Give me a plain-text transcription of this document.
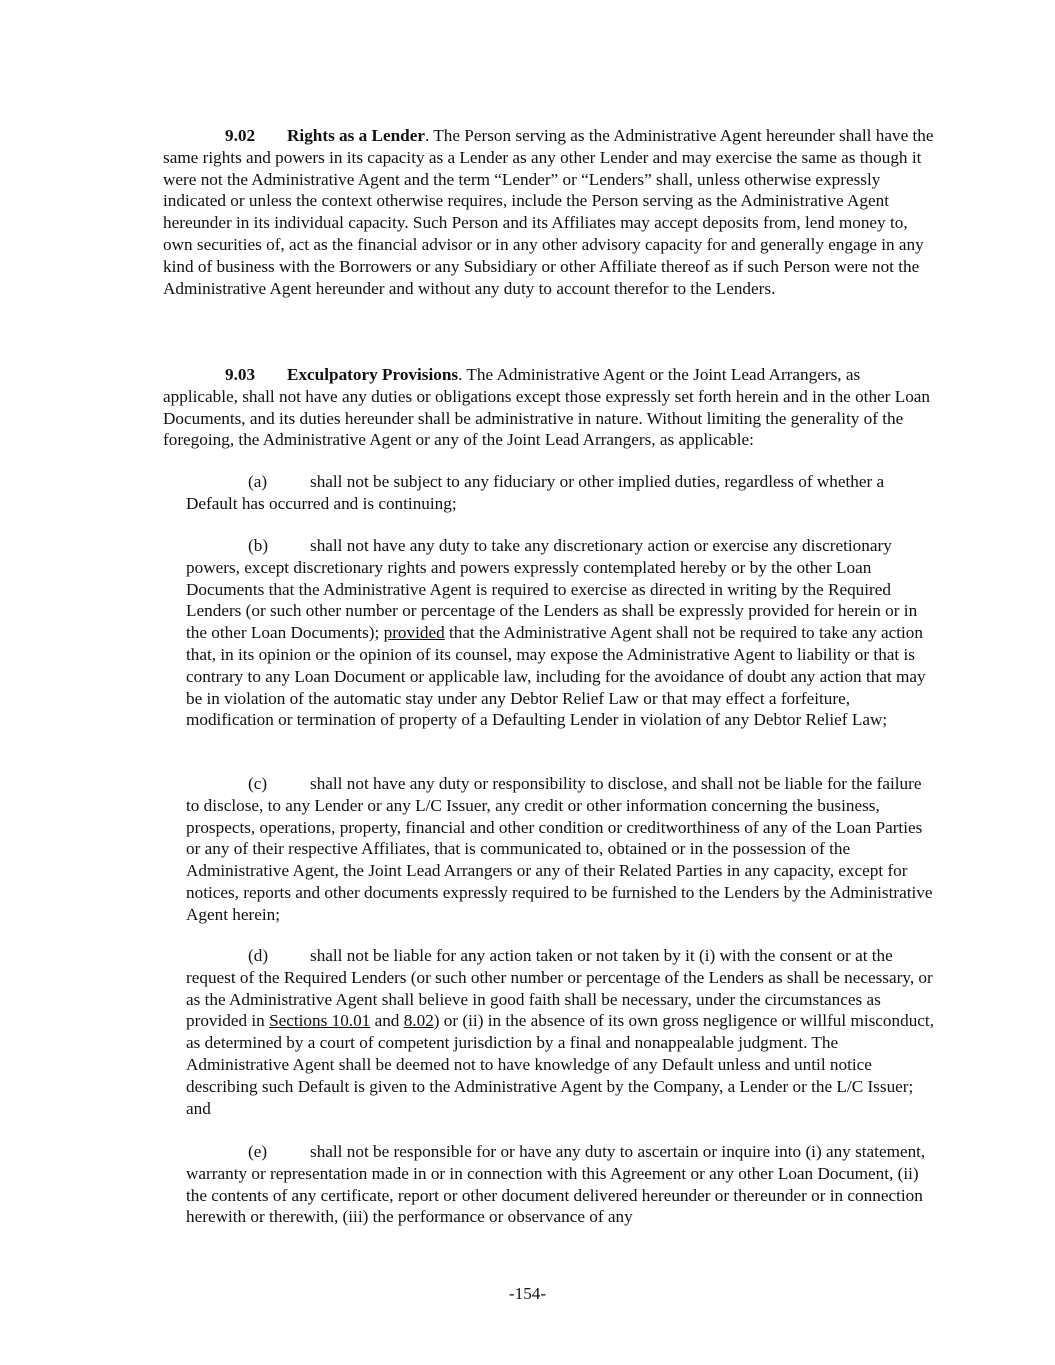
9.02 Rights as a Lender. The Person serving as the Administrative Agent hereunder shall have the same rights and powers in its capacity as a Lender as any other Lender and may exercise the same as though it were not the Administrative Agent and the term “Lender” or “Lenders” shall, unless otherwise expressly indicated or unless the context otherwise requires, include the Person serving as the Administrative Agent hereunder in its individual capacity. Such Person and its Affiliates may accept deposits from, lend money to, own securities of, act as the financial advisor or in any other advisory capacity for and generally engage in any kind of business with the Borrowers or any Subsidiary or other Affiliate thereof as if such Person were not the Administrative Agent hereunder and without any duty to account therefor to the Lenders.

9.03 Exculpatory Provisions. The Administrative Agent or the Joint Lead Arrangers, as applicable, shall not have any duties or obligations except those expressly set forth herein and in the other Loan Documents, and its duties hereunder shall be administrative in nature. Without limiting the generality of the foregoing, the Administrative Agent or any of the Joint Lead Arrangers, as applicable:

(a) shall not be subject to any fiduciary or other implied duties, regardless of whether a Default has occurred and is continuing;

(b) shall not have any duty to take any discretionary action or exercise any discretionary powers, except discretionary rights and powers expressly contemplated hereby or by the other Loan Documents that the Administrative Agent is required to exercise as directed in writing by the Required Lenders (or such other number or percentage of the Lenders as shall be expressly provided for herein or in the other Loan Documents); provided that the Administrative Agent shall not be required to take any action that, in its opinion or the opinion of its counsel, may expose the Administrative Agent to liability or that is contrary to any Loan Document or applicable law, including for the avoidance of doubt any action that may be in violation of the automatic stay under any Debtor Relief Law or that may effect a forfeiture, modification or termination of property of a Defaulting Lender in violation of any Debtor Relief Law;

(c) shall not have any duty or responsibility to disclose, and shall not be liable for the failure to disclose, to any Lender or any L/C Issuer, any credit or other information concerning the business, prospects, operations, property, financial and other condition or creditworthiness of any of the Loan Parties or any of their respective Affiliates, that is communicated to, obtained or in the possession of the Administrative Agent, the Joint Lead Arrangers or any of their Related Parties in any capacity, except for notices, reports and other documents expressly required to be furnished to the Lenders by the Administrative Agent herein;

(d) shall not be liable for any action taken or not taken by it (i) with the consent or at the request of the Required Lenders (or such other number or percentage of the Lenders as shall be necessary, or as the Administrative Agent shall believe in good faith shall be necessary, under the circumstances as provided in Sections 10.01 and 8.02) or (ii) in the absence of its own gross negligence or willful misconduct, as determined by a court of competent jurisdiction by a final and nonappealable judgment. The Administrative Agent shall be deemed not to have knowledge of any Default unless and until notice describing such Default is given to the Administrative Agent by the Company, a Lender or the L/C Issuer; and

(e) shall not be responsible for or have any duty to ascertain or inquire into (i) any statement, warranty or representation made in or in connection with this Agreement or any other Loan Document, (ii) the contents of any certificate, report or other document delivered hereunder or thereunder or in connection herewith or therewith, (iii) the performance or observance of any

-154-
